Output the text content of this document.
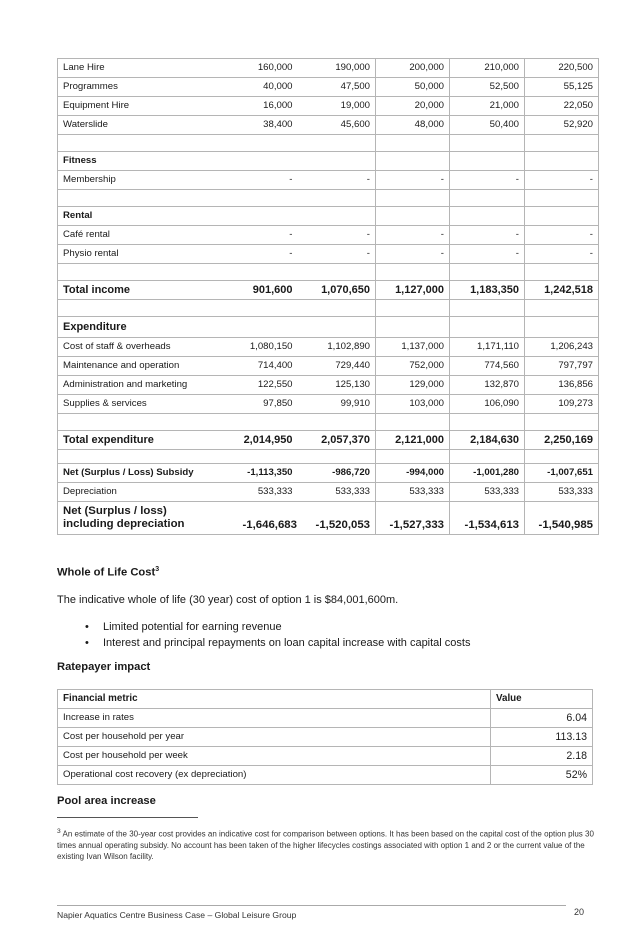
Lane Hire	160,000	190,000	200,000	210,000	220,500
Programmes	40,000	47,500	50,000	52,500	55,125
Equipment Hire	16,000	19,000	20,000	21,000	22,050
Waterslide	38,400	45,600	48,000	50,400	52,920

Fitness					
Membership	-	-	-	-	-

Rental					
Café rental	-	-	-	-	-
Physio rental	-	-	-	-	-

Total income	901,600	1,070,650	1,127,000	1,183,350	1,242,518

Expenditure					
Cost of staff & overheads	1,080,150	1,102,890	1,137,000	1,171,110	1,206,243
Maintenance and operation	714,400	729,440	752,000	774,560	797,797
Administration and marketing	122,550	125,130	129,000	132,870	136,856
Supplies & services	97,850	99,910	103,000	106,090	109,273

Total expenditure	2,014,950	2,057,370	2,121,000	2,184,630	2,250,169

Net (Surplus / Loss) Subsidy	-1,113,350	-986,720	-994,000	-1,001,280	-1,007,651
Depreciation	533,333	533,333	533,333	533,333	533,333

Net (Surplus / loss)
including depreciation	-1,646,683	-1,520,053	-1,527,333	-1,534,613	-1,540,985
Whole of Life Cost$^3$
The indicative whole of life (30 year) cost of option 1 is $84,001,600m.
• Limited potential for earning revenue
• Interest and principal repayments on loan capital increase with capital costs
Ratepayer impact
Financial metric	Value
Increase in rates	6.04
Cost per household per year	113.13
Cost per household per week	2.18
Operational cost recovery (ex depreciation)	52%
Pool area increase
$^3$ An estimate of the 30-year cost provides an indicative cost for comparison between options. It has been based on the capital cost of the option plus 30 times annual operating subsidy. No account has been taken of the higher lifecycles costings associated with option 1 and 2 or the current value of the existing Ivan Wilson facility.
Napier Aquatics Centre Business Case – Global Leisure Group	20
